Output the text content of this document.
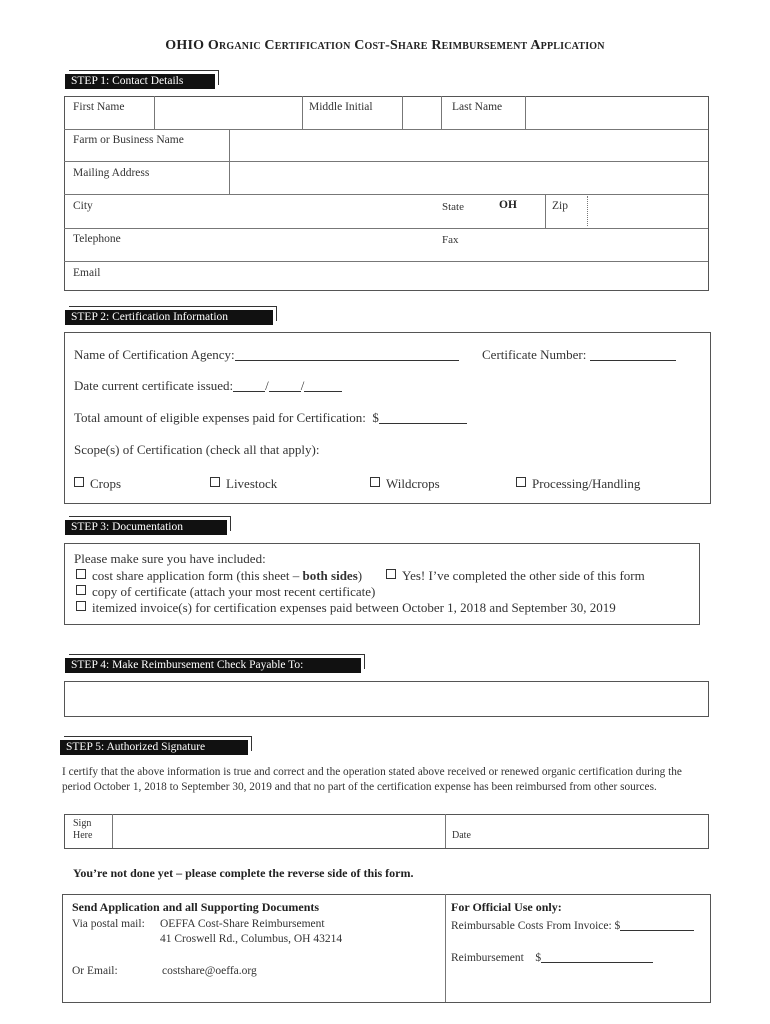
OHIO Organic Certification Cost-Share Reimbursement Application
STEP 1: Contact Details
First Name	Middle Initial	Last Name
Farm or Business Name
Mailing Address
City	State	OH	Zip
Telephone	Fax
Email
STEP 2: Certification Information
Name of Certification Agency:	Certificate Number:
Date current certificate issued: / /
Total amount of eligible expenses paid for Certification: $
Scope(s) of Certification (check all that apply):
Crops	Livestock	Wildcrops	Processing/Handling
STEP 3: Documentation
Please make sure you have included:
cost share application form (this sheet – both sides)	Yes! I’ve completed the other side of this form
copy of certificate (attach your most recent certificate)
itemized invoice(s) for certification expenses paid between October 1, 2018 and September 30, 2019
STEP 4: Make Reimbursement Check Payable To:
STEP 5: Authorized Signature
I certify that the above information is true and correct and the operation stated above received or renewed organic certification during the period October 1, 2018 to September 30, 2019 and that no part of the certification expense has been reimbursed from other sources.
Sign
Here	Date
You’re not done yet – please complete the reverse side of this form.
Send Application and all Supporting Documents
Via postal mail: OEFFA Cost-Share Reimbursement
41 Croswell Rd., Columbus, OH 43214
Or Email:	costshare@oeffa.org
For Official Use only:
Reimbursable Costs From Invoice: $
Reimbursement $
